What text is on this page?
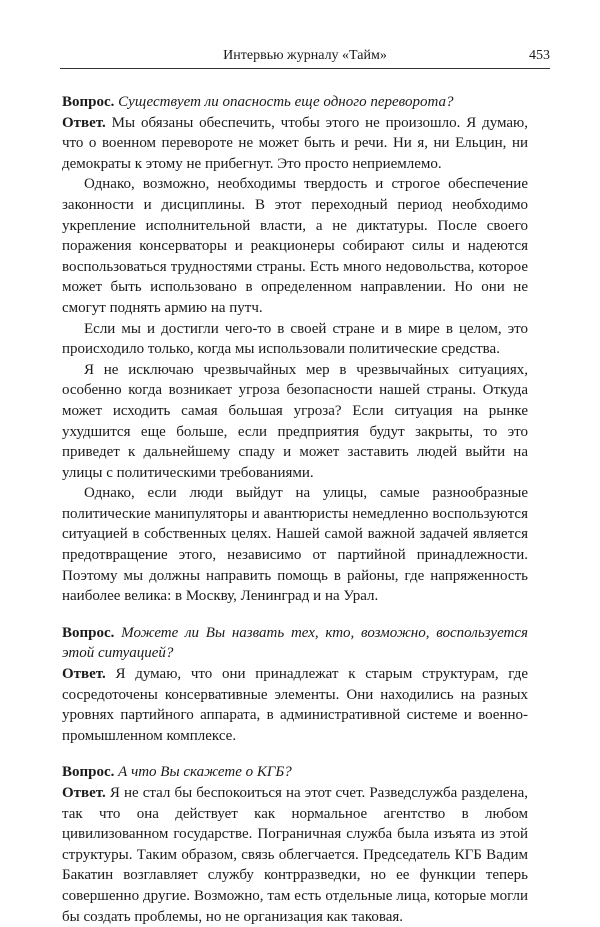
Интервью журналу «Тайм»	453

Вопрос. Существует ли опасность еще одного переворота?

Ответ. Мы обязаны обеспечить, чтобы этого не произошло. Я думаю, что о военном перевороте не может быть и речи. Ни я, ни Ельцин, ни демократы к этому не прибегнут. Это просто неприемлемо.

Однако, возможно, необходимы твердость и строгое обеспечение законности и дисциплины. В этот переходный период необходимо укрепление исполнительной власти, а не диктатуры. После своего поражения консерваторы и реакционеры собирают силы и надеются воспользоваться трудностями страны. Есть много недовольства, которое может быть использовано в определенном направлении. Но они не смогут поднять армию на путч.

Если мы и достигли чего-то в своей стране и в мире в целом, это происходило только, когда мы использовали политические средства.

Я не исключаю чрезвычайных мер в чрезвычайных ситуациях, особенно когда возникает угроза безопасности нашей страны. Откуда может исходить самая большая угроза? Если ситуация на рынке ухудшится еще больше, если предприятия будут закрыты, то это приведет к дальнейшему спаду и может заставить людей выйти на улицы с политическими требованиями.

Однако, если люди выйдут на улицы, самые разнообразные политические манипуляторы и авантюристы немедленно воспользуются ситуацией в собственных целях. Нашей самой важной задачей является предотвращение этого, независимо от партийной принадлежности. Поэтому мы должны направить помощь в районы, где напряженность наиболее велика: в Москву, Ленинград и на Урал.

Вопрос. Можете ли Вы назвать тех, кто, возможно, воспользуется этой ситуацией?

Ответ. Я думаю, что они принадлежат к старым структурам, где сосредоточены консервативные элементы. Они находились на разных уровнях партийного аппарата, в административной системе и военно-промышленном комплексе.

Вопрос. А что Вы скажете о КГБ?

Ответ. Я не стал бы беспокоиться на этот счет. Разведслужба разделена, так что она действует как нормальное агентство в любом цивилизованном государстве. Пограничная служба была изъята из этой структуры. Таким образом, связь облегчается. Председатель КГБ Вадим Бакатин возглавляет службу контрразведки, но ее функции теперь совершенно другие. Возможно, там есть отдельные лица, которые могли бы создать проблемы, но не организация как таковая.
